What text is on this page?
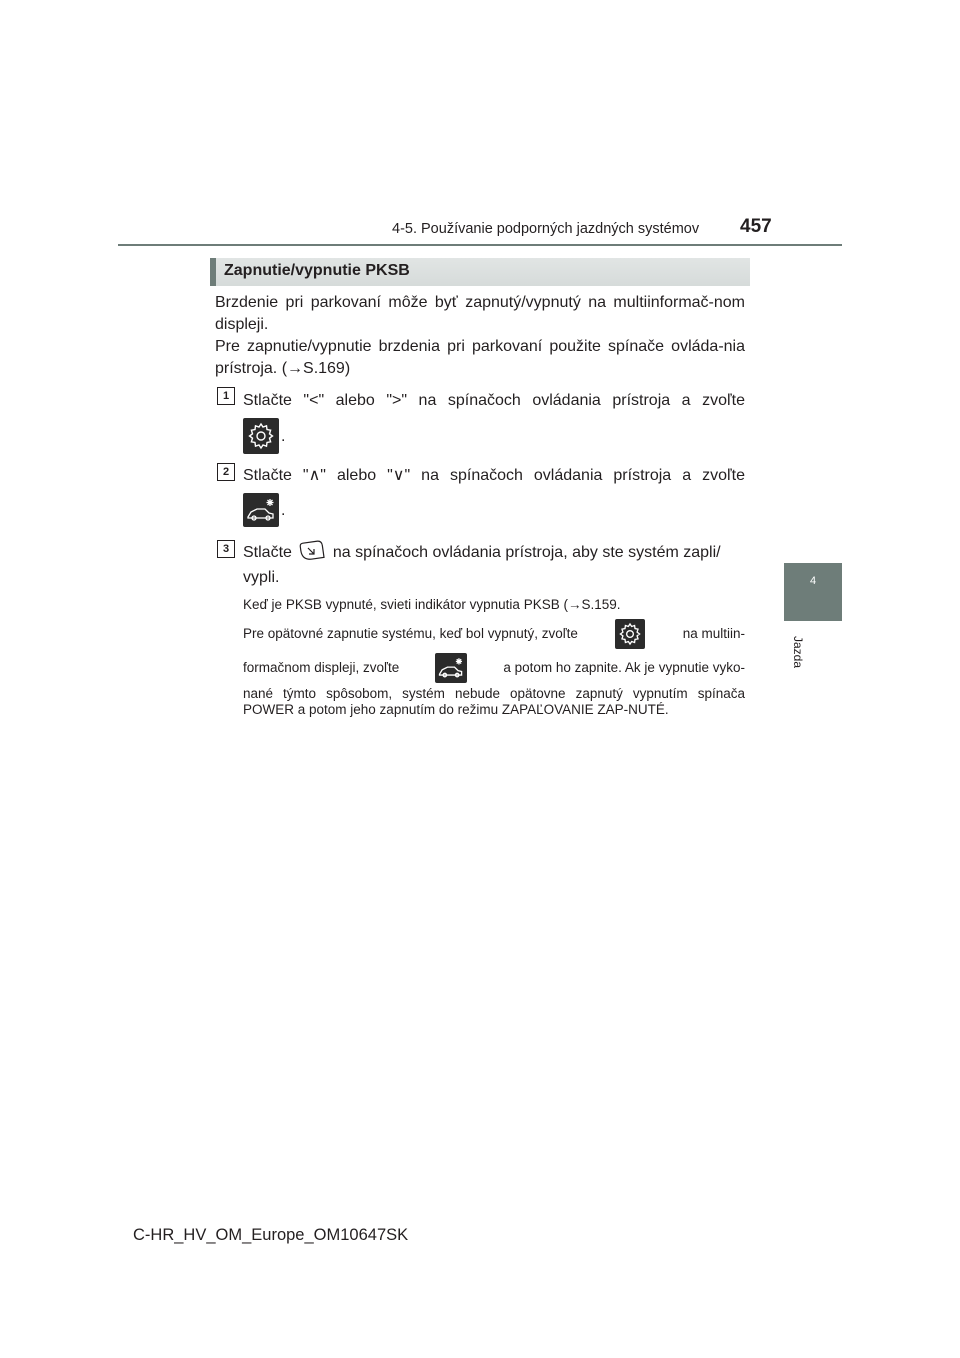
4-5. Používanie podporných jazdných systémov 457
4
Jazda
Zapnutie/vypnutie PKSB
Brzdenie pri parkovaní môže byť zapnutý/vypnutý na multiinformač-nom displeji.
Pre zapnutie/vypnutie brzdenia pri parkovaní použite spínače ovláda-nia prístroja. (→S.169)
1 Stlačte "<" alebo ">" na spínačoch ovládania prístroja a zvoľte
.
2 Stlačte "∧" alebo "∨" na spínačoch ovládania prístroja a zvoľte
.
3 Stlačte	na spínačoch ovládania prístroja, aby ste systém zapli/
vypli.
Keď je PKSB vypnuté, svieti indikátor vypnutia PKSB (→S.159.
Pre opätovné zapnutie systému, keď bol vypnutý, zvoľte	na multiin-
formačnom displeji, zvoľte	a potom ho zapnite. Ak je vypnutie vyko-
nané týmto spôsobom, systém nebude opätovne zapnutý vypnutím spínača POWER a potom jeho zapnutím do režimu ZAPAĽOVANIE ZAP-NUTÉ.
C-HR_HV_OM_Europe_OM10647SK
